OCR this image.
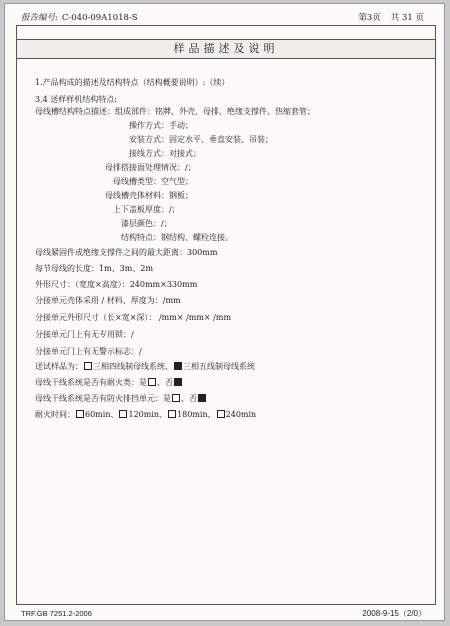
报告编号: C-040-09A1018-S	第3页 共 31 页
样品描述及说明
1.产品构成的描述及结构特点（结构概要说明）:（续）
3.4 送样样机结构特点:
母线槽结构特点描述：组成部件：铭牌、外壳、母排、绝缘支撑件、热缩套管；
操作方式：手动；
安装方式：固定水平、垂直安装、吊装；
接线方式：对接式；
母排搭接面处理情况：/；
母线槽类型：空气型；
母线槽壳体材料：钢板；
上下盖板厚度：/；
漆层颜色：/；
结构特点：钢结构、螺栓连接。
母线紧固件或绝缘支撑件之间的最大距离：300mm
每节母线的长度：1m、3m、2m
外形尺寸：（宽度×高度）：240mm×330mm
分接单元壳体采用 / 材料、厚度为：/mm
分接单元外形尺寸（长×宽×深）： /mm× /mm× /mm
分接单元门上有无专用锁：/
分接单元门上有无警示标志：/
送试样品为： 三相四线制母线系统、 三相五线制母线系统
母线干线系统是否有耐火类：是 、否
母线干线系统是否有防火排挡单元：是 、否
耐火时间： 60min、 120min、 180min、 240min
TRF.GB 7251.2-2006	2008-9-15（2/0）
